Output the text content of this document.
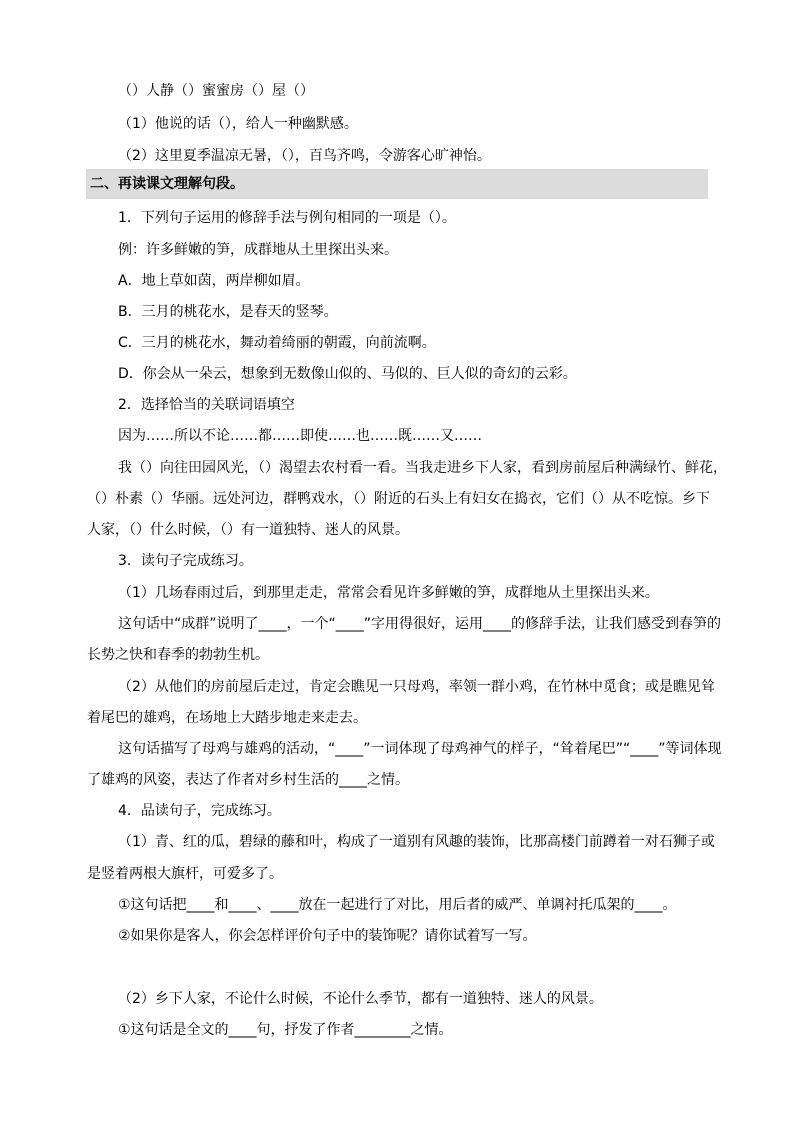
（）人静（）蜜蜜房（）屋（）
（1）他说的话（），给人一种幽默感。
（2）这里夏季温凉无暑，（），百鸟齐鸣，令游客心旷神怡。
二、再读课文理解句段。
1．下列句子运用的修辞手法与例句相同的一项是（）。
例：许多鲜嫩的笋，成群地从土里探出头来。
A．地上草如茵，两岸柳如眉。
B．三月的桃花水，是春天的竖琴。
C．三月的桃花水，舞动着绮丽的朝霞，向前流啊。
D．你会从一朵云，想象到无数像山似的、马似的、巨人似的奇幻的云彩。
2．选择恰当的关联词语填空
因为……所以不论……都……即使……也……既……又……
我（）向往田园风光，（）渴望去农村看一看。当我走进乡下人家，看到房前屋后种满绿竹、鲜花，
（）朴素（）华丽。远处河边，群鸭戏水，（）附近的石头上有妇女在捣衣，它们（）从不吃惊。乡下
人家，（）什么时候，（）有一道独特、迷人的风景。
3．读句子完成练习。
（1）几场春雨过后，到那里走走，常常会看见许多鲜嫩的笋，成群地从土里探出头来。
这句话中“成群”说明了____，一个“____”字用得很好，运用____的修辞手法，让我们感受到春笋的
长势之快和春季的勃勃生机。
（2）从他们的房前屋后走过，肯定会瞧见一只母鸡，率领一群小鸡，在竹林中觅食；或是瞧见耸
着尾巴的雄鸡，在场地上大踏步地走来走去。
这句话描写了母鸡与雄鸡的活动，“____”一词体现了母鸡神气的样子，“耸着尾巴”“____”等词体现
了雄鸡的风姿，表达了作者对乡村生活的____之情。
4．品读句子，完成练习。
（1）青、红的瓜，碧绿的藤和叶，构成了一道别有风趣的装饰，比那高楼门前蹲着一对石狮子或
是竖着两根大旗杆，可爱多了。
①这句话把____和____、____放在一起进行了对比，用后者的威严、单调衬托瓜架的____。
②如果你是客人，你会怎样评价句子中的装饰呢？请你试着写一写。
（2）乡下人家，不论什么时候，不论什么季节，都有一道独特、迷人的风景。
①这句话是全文的____句，抒发了作者________之情。
